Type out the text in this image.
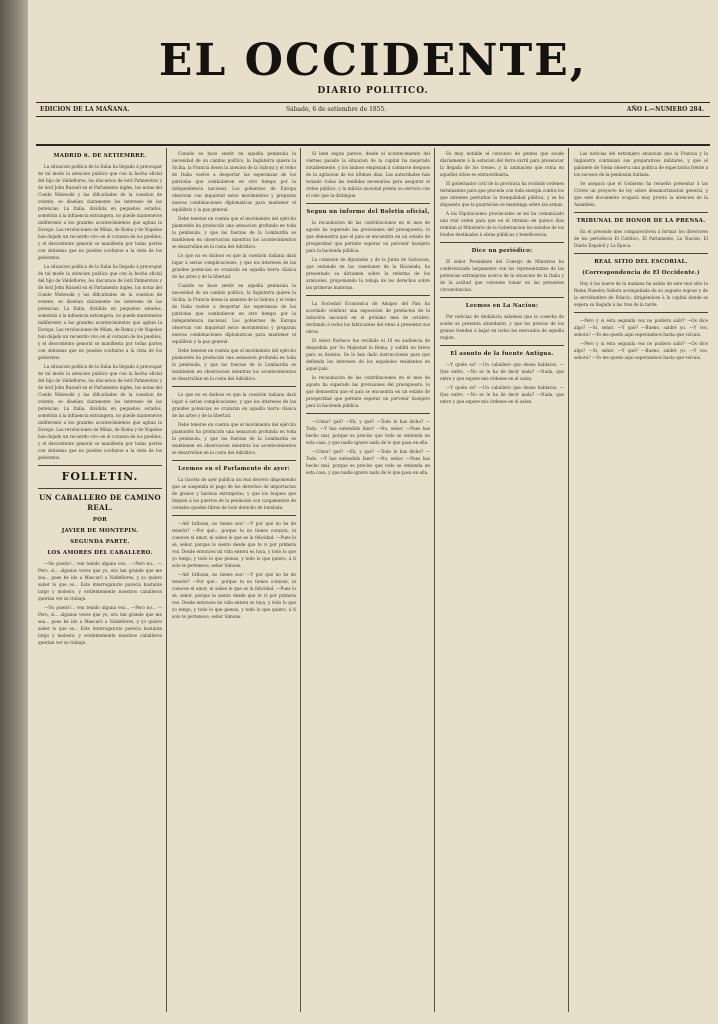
EL OCCIDENTE,
DIARIO POLITICO.
EDICION DE LA MAÑANA.	Sábado, 6 de setiembre de 1855.	AÑO I.—NUMERO 284.
MADRID 6. DE SETIEMBRE.
La situacion politica de la Italia ha llegado á preocupar de tal modo la atencion publica que con la hecha oficial del hijo de Valdeflores, los discursos de lord Palmerston y de lord John Russell en el Parlamento ingles, las notas del Conde Walewski y las dificultades de la cuestion de oriente, se diseñan claramente los intereses de las potencias. La Italia, dividida en pequeños estados, sometida á la influencia extrangera, no puede mantenerse indiferente a los grandes acontecimientos que agitan la Europa. Las revoluciones de Milan, de Roma y de Napoles han dejado un recuerdo vivo en el corazon de los pueblos, y el descontento general se manifiesta por todas partes con síntomas que no pueden ocultarse a la vista de los gobiernos.
La situacion politica de la Italia ha llegado á preocupar de tal modo la atencion publica que con la hecha oficial del hijo de Valdeflores, los discursos de lord Palmerston y de lord John Russell en el Parlamento ingles, las notas del Conde Walewski y las dificultades de la cuestion de oriente, se diseñan claramente los intereses de las potencias. La Italia, dividida en pequeños estados, sometida á la influencia extrangera, no puede mantenerse indiferente a los grandes acontecimientos que agitan la Europa. Las revoluciones de Milan, de Roma y de Napoles han dejado un recuerdo vivo en el corazon de los pueblos, y el descontento general se manifiesta por todas partes con síntomas que no pueden ocultarse a la vista de los gobiernos.
La situacion politica de la Italia ha llegado á preocupar de tal modo la atencion publica que con la hecha oficial del hijo de Valdeflores, los discursos de lord Palmerston y de lord John Russell en el Parlamento ingles, las notas del Conde Walewski y las dificultades de la cuestion de oriente, se diseñan claramente los intereses de las potencias. La Italia, dividida en pequeños estados, sometida á la influencia extrangera, no puede mantenerse indiferente a los grandes acontecimientos que agitan la Europa. Las revoluciones de Milan, de Roma y de Napoles han dejado un recuerdo vivo en el corazon de los pueblos, y el descontento general se manifiesta por todas partes con síntomas que no pueden ocultarse a la vista de los gobiernos.
FOLLETIN.
UN CABALLERO DE CAMINO REAL.
POR
JAVIER DE MONTEPIN.
SEGUNDA PARTE.
LOS AMORES DEL CABALLERO.
—No puedo!... ven tenido alguna vez... —Pero no... —Pero, si... algunas veces que yo, era tan grande que me sea... pues he ido a Mascaró a Valdeflores, y yo quiero saber lo que os... Este interrogatorio parecía bastante largo y molesto, y evidentemente nuestros caballeros querían ver su trabajo.
—No puedo!... ven tenido alguna vez... —Pero no... —Pero, si... algunas veces que yo, era tan grande que me sea... pues he ido a Mascaró a Valdeflores, y yo quiero saber lo que os... Este interrogatorio parecía bastante largo y molesto, y evidentemente nuestros caballeros querían ver su trabajo.
Cuando se hace sentir en aquella peninsula la necesidad de un cambio político, la Inglaterra quiere la Sicilia, la Francia desea la anexion de la Saboya y el reino de Italia vuelve a despertar las esperanzas de los patriotas que combatieron en otro tiempo por la independencia nacional. Los gobiernos de Europa observan con inquietud estos movimientos y preparan nuevas combinaciones diplomaticas para mantener el equilibrio y la paz general.
Debe tenerse en cuenta que el movimiento del ejército piamontés ha producido una sensacion profunda en toda la península, y que las fuerzas de la Lombardía se mantienen en observacion mientras los acontecimientos se desarrollan en la costa del Adriático.
Lo que no es dudoso es que la cuestión italiana dará lugar á serias complicaciones, y que los intereses de las grandes potencias se cruzarán en aquella tierra clásica de las artes y de la libertad.
Cuando se hace sentir en aquella peninsula la necesidad de un cambio político, la Inglaterra quiere la Sicilia, la Francia desea la anexion de la Saboya y el reino de Italia vuelve a despertar las esperanzas de los patriotas que combatieron en otro tiempo por la independencia nacional. Los gobiernos de Europa observan con inquietud estos movimientos y preparan nuevas combinaciones diplomaticas para mantener el equilibrio y la paz general.
Debe tenerse en cuenta que el movimiento del ejército piamontés ha producido una sensacion profunda en toda la península, y que las fuerzas de la Lombardía se mantienen en observacion mientras los acontecimientos se desarrollan en la costa del Adriático.
Lo que no es dudoso es que la cuestión italiana dará lugar á serias complicaciones, y que los intereses de las grandes potencias se cruzarán en aquella tierra clásica de las artes y de la libertad.
Debe tenerse en cuenta que el movimiento del ejército piamontés ha producido una sensacion profunda en toda la península, y que las fuerzas de la Lombardía se mantienen en observacion mientras los acontecimientos se desarrollan en la costa del Adriático.
Leemos en el Parlamento de ayer:
La Gaceta de ayer publica un real decreto disponiendo que se suspenda el pago de los derechos de importacion de granos y harinas extranjeras, y que los buques que lleguen á los puertos de la península con cargamentos de cereales queden libres de todo derecho de tonelada.
—Ah! bribona, no tienes eso! —Y por qué no he de tenerlo? —Por qué... porque tu no tienes corazon, ni conoces el amor, ni sabes lo que es la felicidad. —Pues lo sé, señor, porque la siento desde que te vi por primera vez. Desde entonces mi vida entera es tuya, y todo lo que yo tengo, y todo lo que pienso, y todo lo que quiero, á tí solo te pertenece, señor Simone.
—Ah! bribona, no tienes eso! —Y por qué no he de tenerlo? —Por qué... porque tu no tienes corazon, ni conoces el amor, ni sabes lo que es la felicidad. —Pues lo sé, señor, porque la siento desde que te vi por primera vez. Desde entonces mi vida entera es tuya, y todo lo que yo tengo, y todo lo que pienso, y todo lo que quiero, á tí solo te pertenece, señor Simone.
Si bien segun parece, desde el acontecimiento del viernes pasado la situacion de la capital ha mejorado notablemente, y los ánimos empiezan á calmarse despues de la agitacion de los últimos dias. Las autoridades han tomado todas las medidas necesarias para asegurar el órden público, y la milicia nacional presta su servicio con el celo que la distingue.
Segun un informe del Boletin oficial,
la recaudacion de las contribuciones en el mes de agosto ha superado las previsiones del presupuesto, lo que demuestra que el pais se encuentra en un estado de prosperidad que permite esperar un porvenir lisonjero para la hacienda pública.
La comision de diputados y de la Junta de Salvacion, que entiende en las cuestiones de la Hacienda, ha presentado su dictamen sobre la reforma de los aranceles, proponiendo la rebaja de los derechos sobre las primeras materias.
La Sociedad Economica de Amigos del Pais ha acordado celebrar una exposicion de productos de la industria nacional en el próximo mes de octubre, invitando á todos los fabricantes del reino á presentar sus obras.
El señor Pacheco fue recibido el 18 en audiencia de despedida por Su Majestad la Reina, y saldrá en breve para su destino. Se le han dado instrucciones para que defienda los intereses de los españoles residentes en aquel pais.
la recaudacion de las contribuciones en el mes de agosto ha superado las previsiones del presupuesto, lo que demuestra que el pais se encuentra en un estado de prosperidad que permite esperar un porvenir lisonjero para la hacienda pública.
—Cómo? qué? —Eh, y qué? —Todo lo has dicho? —Todo. —Y has entendido bien? —No, señor. —Pues has hecho mal, porque es preciso que todo se entienda en esta casa, y que nadie ignore nada de lo que pasa en ella.
—Cómo? qué? —Eh, y qué? —Todo lo has dicho? —Todo. —Y has entendido bien? —No, señor. —Pues has hecho mal, porque es preciso que todo se entienda en esta casa, y que nadie ignore nada de lo que pasa en ella.
Es muy notable el concurso de gentes que acude diariamente á la estacion del ferro-carril para presenciar la llegada de los trenes, y la animacion que reina en aquellos sitios es extraordinaria.
El gobernador civil de la provincia ha recibido ordenes terminantes para que proceda con toda energia contra los que intenten perturbar la tranquilidad pública, y se ha dispuesto que la guarnicion se mantenga sobre las armas.
A las Diputaciones provinciales se les ha comunicado una real orden para que en el término de quince dias remitan al Ministerio de la Gobernacion los estados de los fondos destinados á obras públicas y beneficencia.
Dice un periódico:
El señor Presidente del Consejo de Ministros ha conferenciado largamente con los representantes de las potencias extranjeras acerca de la situacion de la Italia y de la actitud que conviene tomar en las presentes circunstancias.
Leemos en La Nacion:
Por noticias de Andalucía sabemos que la cosecha de aceite se presenta abundante, y que los precios de los granos tienden á bajar en todos los mercados de aquella region.
El asunto de la fuente Antigua.
—Y quién es? —Un caballero que desea hablaros. —Que entre. —No se le ha de decir nada? —Nada, que entre y que espere mis órdenes en el salon.
—Y quién es? —Un caballero que desea hablaros. —Que entre. —No se le ha de decir nada? —Nada, que entre y que espere mis órdenes en el salon.
Las noticias del extranjero anuncian que la Francia y la Inglaterra continúan sus preparativos militares, y que el gabinete de Viena observa una politica de expectativa frente a los sucesos de la península italiana.
Se asegura que el Gobierno ha resuelto presentar á las Córtes un proyecto de ley sobre desamortizacion general, y que este documento ocupará muy pronto la atencion de la Asamblea.
TRIBUNAL DE HONOR DE LA PRENSA.
En el presente mes compareciéron á formar los directores de los periódicos El Católico, El Parlamento, La Nacion, El Diario Español y La Epoca.
REAL SITIO DEL ESCORIAL.
(Correspondencia de El Occidente.)
Hoy á las nueve de la mañana ha salido de este real sitio la Reina Nuestra Señora acompañada de su augusto esposo y de la servidumbre de Palacio, dirigiéndose á la capital donde se espera su llegada á las tres de la tarde.
—Pero y si ésta segunda vez no pudiera salir? —Os dice algo? —Si, señor. —Y qué? —Bueno, saldré yo. —Y vos, señora? —Yo me quedo aqui esperandoos hasta que volvais.
—Pero y si ésta segunda vez no pudiera salir? —Os dice algo? —Si, señor. —Y qué? —Bueno, saldré yo. —Y vos, señora? —Yo me quedo aqui esperandoos hasta que volvais.
